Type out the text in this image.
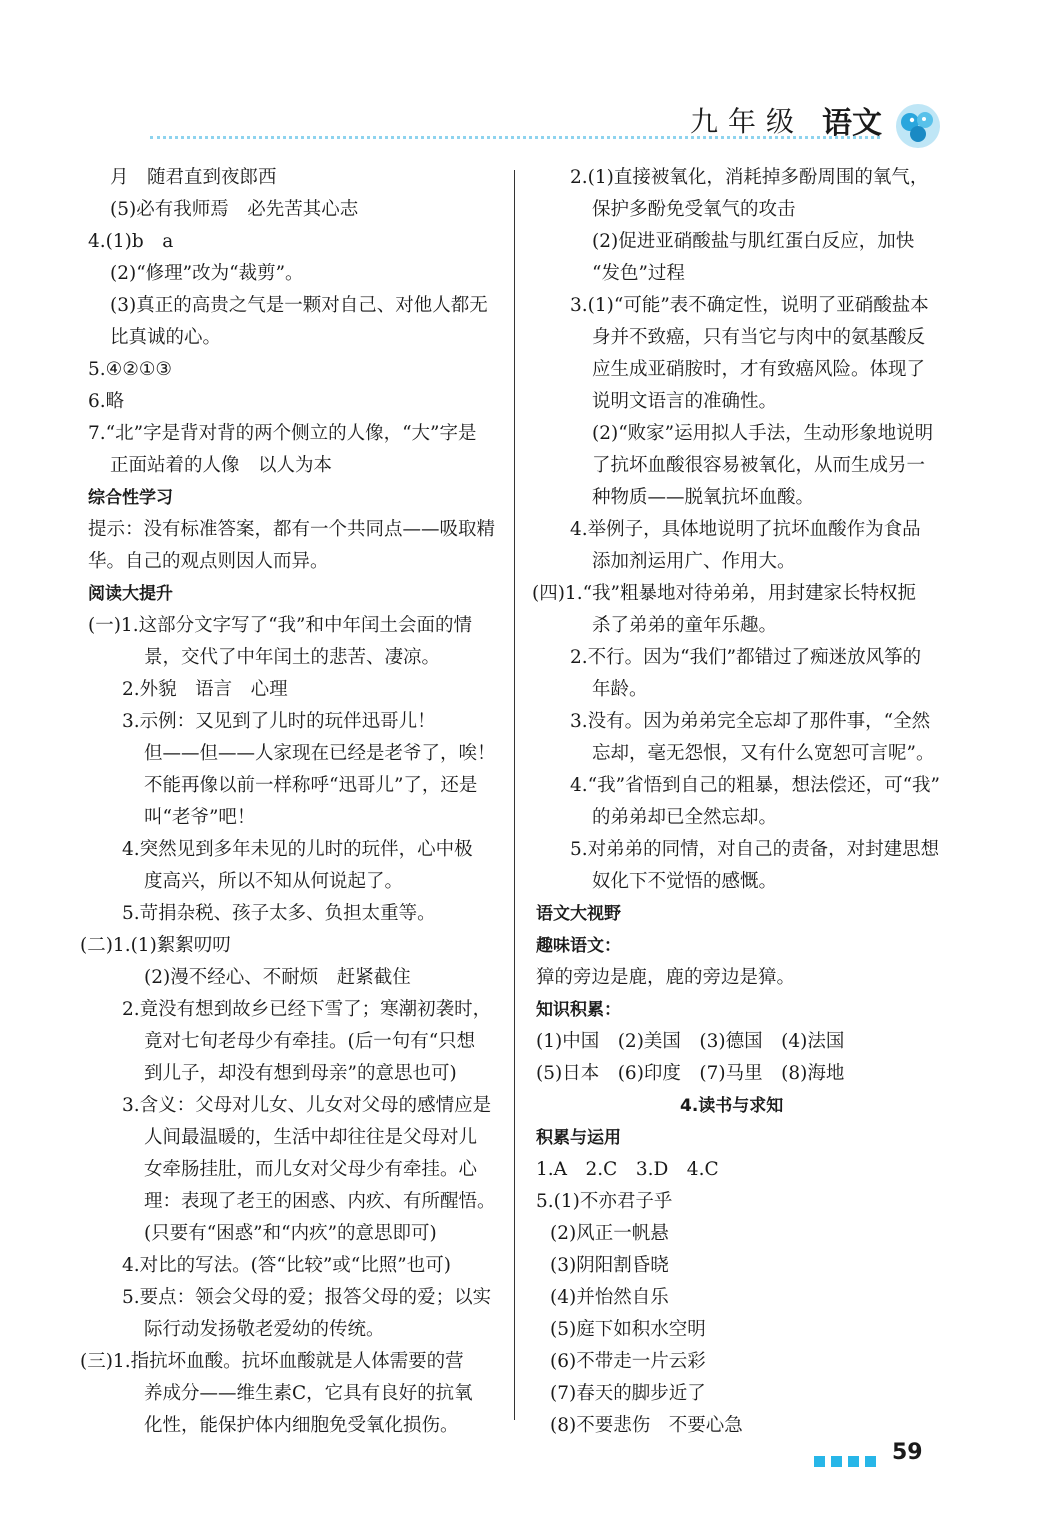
九年级 语文
月　随君直到夜郎西
(5)必有我师焉　必先苦其心志
4.(1)b　a
(2)“修理”改为“裁剪”。
(3)真正的高贵之气是一颗对自己、对他人都无
比真诚的心。
5.④②①③
6.略
7.“北”字是背对背的两个侧立的人像，“大”字是
正面站着的人像　以人为本
综合性学习
提示：没有标准答案，都有一个共同点——吸取精
华。自己的观点则因人而异。
阅读大提升
(一)1.这部分文字写了“我”和中年闰土会面的情
景，交代了中年闰土的悲苦、凄凉。
2.外貌　语言　心理
3.示例：又见到了儿时的玩伴迅哥儿！
但——但——人家现在已经是老爷了，唉！
不能再像以前一样称呼“迅哥儿”了，还是
叫“老爷”吧！
4.突然见到多年未见的儿时的玩伴，心中极
度高兴，所以不知从何说起了。
5.苛捐杂税、孩子太多、负担太重等。
(二)1.(1)絮絮叨叨
(2)漫不经心、不耐烦　赶紧截住
2.竟没有想到故乡已经下雪了；寒潮初袭时，
竟对七旬老母少有牵挂。(后一句有“只想
到儿子，却没有想到母亲”的意思也可)
3.含义：父母对儿女、儿女对父母的感情应是
人间最温暖的，生活中却往往是父母对儿
女牵肠挂肚，而儿女对父母少有牵挂。心
理：表现了老王的困惑、内疚、有所醒悟。
(只要有“困惑”和“内疚”的意思即可)
4.对比的写法。(答“比较”或“比照”也可)
5.要点：领会父母的爱；报答父母的爱；以实
际行动发扬敬老爱幼的传统。
(三)1.指抗坏血酸。抗坏血酸就是人体需要的营
养成分——维生素C，它具有良好的抗氧
化性，能保护体内细胞免受氧化损伤。
2.(1)直接被氧化，消耗掉多酚周围的氧气，
保护多酚免受氧气的攻击
(2)促进亚硝酸盐与肌红蛋白反应，加快
“发色”过程
3.(1)“可能”表不确定性，说明了亚硝酸盐本
身并不致癌，只有当它与肉中的氨基酸反
应生成亚硝胺时，才有致癌风险。体现了
说明文语言的准确性。
(2)“败家”运用拟人手法，生动形象地说明
了抗坏血酸很容易被氧化，从而生成另一
种物质——脱氧抗坏血酸。
4.举例子，具体地说明了抗坏血酸作为食品
添加剂运用广、作用大。
(四)1.“我”粗暴地对待弟弟，用封建家长特权扼
杀了弟弟的童年乐趣。
2.不行。因为“我们”都错过了痴迷放风筝的
年龄。
3.没有。因为弟弟完全忘却了那件事，“全然
忘却，毫无怨恨，又有什么宽恕可言呢”。
4.“我”省悟到自己的粗暴，想法偿还，可“我”
的弟弟却已全然忘却。
5.对弟弟的同情，对自己的责备，对封建思想
奴化下不觉悟的感慨。
语文大视野
趣味语文：
獐的旁边是鹿，鹿的旁边是獐。
知识积累：
(1)中国　(2)美国　(3)德国　(4)法国
(5)日本　(6)印度　(7)马里　(8)海地
4.读书与求知
积累与运用
1.A　2.C　3.D　4.C
5.(1)不亦君子乎
(2)风正一帆悬
(3)阴阳割昏晓
(4)并怡然自乐
(5)庭下如积水空明
(6)不带走一片云彩
(7)春天的脚步近了
(8)不要悲伤　不要心急
59
